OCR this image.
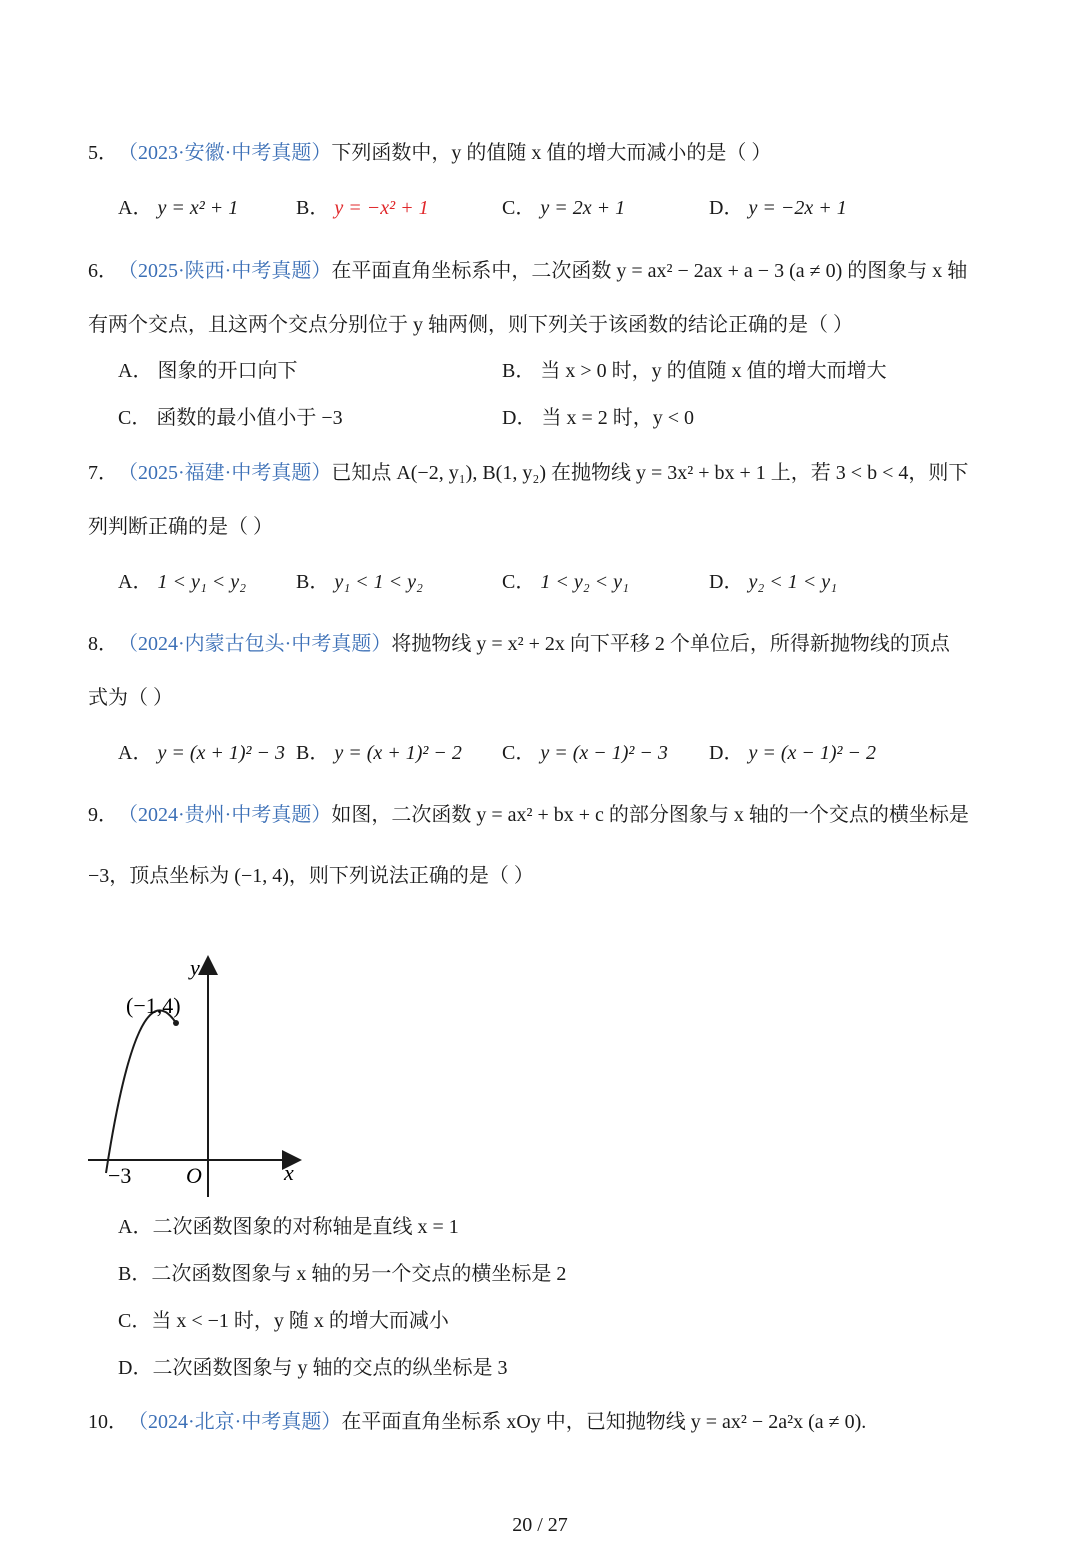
5． （2023·安徽·中考真题）下列函数中，y 的值随 x 值的增大而减小的是（ ）
A． y = x² + 1	B． y = −x² + 1	C． y = 2x + 1	D． y = −2x + 1
6． （2025·陕西·中考真题）在平面直角坐标系中，二次函数 y = ax² − 2ax + a − 3 (a ≠ 0) 的图象与 x 轴
有两个交点，且这两个交点分别位于 y 轴两侧，则下列关于该函数的结论正确的是（ ）
A． 图象的开口向下	B． 当 x > 0 时，y 的值随 x 值的增大而增大
C． 函数的最小值小于 −3	D． 当 x = 2 时，y < 0
7． （2025·福建·中考真题）已知点 A(−2, y₁), B(1, y₂) 在抛物线 y = 3x² + bx + 1 上，若 3 < b < 4，则下
列判断正确的是（ ）
A． 1 < y₁ < y₂ B． y₁ < 1 < y₂	C． 1 < y₂ < y₁	D． y₂ < 1 < y₁
8． （2024·内蒙古包头·中考真题）将抛物线 y = x² + 2x 向下平移 2 个单位后，所得新抛物线的顶点
式为（ ）
A． y = (x + 1)² − 3 B． y = (x + 1)² − 2 C． y = (x − 1)² − 3 D． y = (x − 1)² − 2
9． （2024·贵州·中考真题）如图，二次函数 y = ax² + bx + c 的部分图象与 x 轴的一个交点的横坐标是
−3，顶点坐标为 (−1, 4)，则下列说法正确的是（ ）
(−1,4)
y
x
O
−3
A．二次函数图象的对称轴是直线 x = 1
B．二次函数图象与 x 轴的另一个交点的横坐标是 2
C．当 x < −1 时，y 随 x 的增大而减小
D．二次函数图象与 y 轴的交点的纵坐标是 3
10． （2024·北京·中考真题）在平面直角坐标系 xOy 中，已知抛物线 y = ax² − 2a²x (a ≠ 0).
20 / 27
